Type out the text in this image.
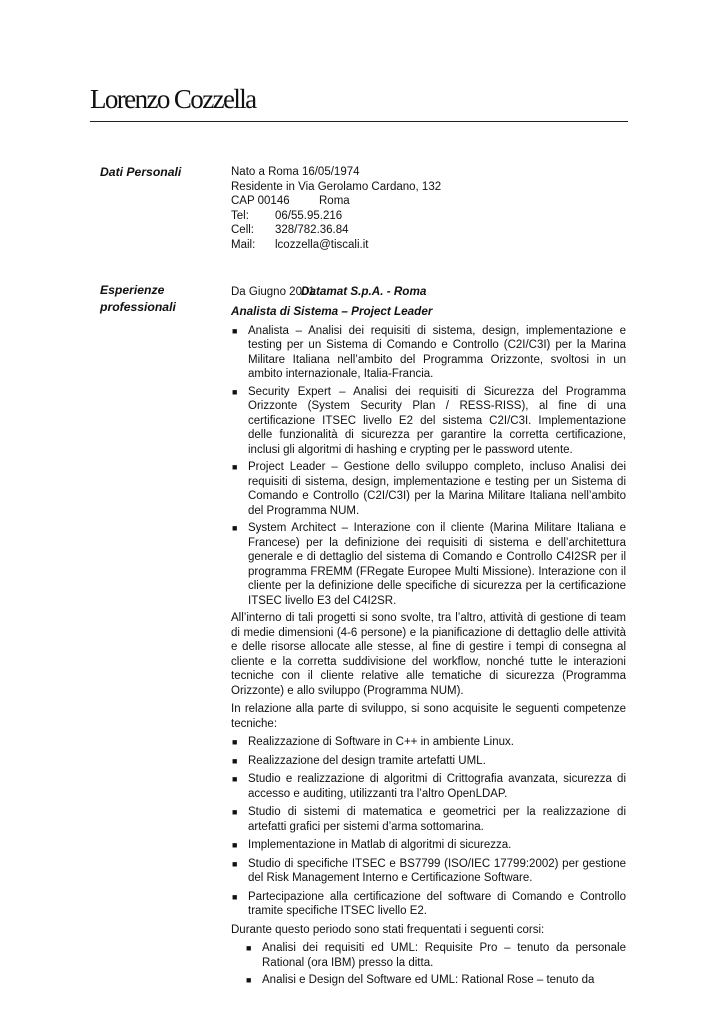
Lorenzo Cozzella
Dati Personali	Nato a Roma 16/05/1974
Residente in Via Gerolamo Cardano, 132
CAP 00146	Roma
Tel: 06/55.95.216
Cell: 328/782.36.84
Mail: lcozzella@tiscali.it
Esperienze
professionali
Da Giugno 2001Datamat S.p.A. - Roma
Analista di Sistema – Project Leader
■ Analista – Analisi dei requisiti di sistema, design, implementazione e testing per un Sistema di Comando e Controllo (C2I/C3I) per la Marina Militare Italiana nell’ambito del Programma Orizzonte, svoltosi in un ambito internazionale, Italia-Francia.
■ Security Expert – Analisi dei requisiti di Sicurezza del Programma Orizzonte (System Security Plan / RESS-RISS), al fine di una certificazione ITSEC livello E2 del sistema C2I/C3I. Implementazione delle funzionalità di sicurezza per garantire la corretta certificazione, inclusi gli algoritmi di hashing e crypting per le password utente.
■ Project Leader – Gestione dello sviluppo completo, incluso Analisi dei requisiti di sistema, design, implementazione e testing per un Sistema di Comando e Controllo (C2I/C3I) per la Marina Militare Italiana nell’ambito del Programma NUM.
■ System Architect – Interazione con il cliente (Marina Militare Italiana e Francese) per la definizione dei requisiti di sistema e dell’architettura generale e di dettaglio del sistema di Comando e Controllo C4I2SR per il programma FREMM (FRegate Europee Multi Missione). Interazione con il cliente per la definizione delle specifiche di sicurezza per la certificazione ITSEC livello E3 del C4I2SR.

All’interno di tali progetti si sono svolte, tra l’altro, attività di gestione di team di medie dimensioni (4-6 persone) e la pianificazione di dettaglio delle attività e delle risorse allocate alle stesse, al fine di gestire i tempi di consegna al cliente e la corretta suddivisione del workflow, nonché tutte le interazioni tecniche con il cliente relative alle tematiche di sicurezza (Programma Orizzonte) e allo sviluppo (Programma NUM).

In relazione alla parte di sviluppo, si sono acquisite le seguenti competenze tecniche:

■ Realizzazione di Software in C++ in ambiente Linux.
■ Realizzazione del design tramite artefatti UML.
■ Studio e realizzazione di algoritmi di Crittografia avanzata, sicurezza di accesso e auditing, utilizzanti tra l’altro OpenLDAP.
■ Studio di sistemi di matematica e geometrici per la realizzazione di artefatti grafici per sistemi d’arma sottomarina.
■ Implementazione in Matlab di algoritmi di sicurezza.
■ Studio di specifiche ITSEC e BS7799 (ISO/IEC 17799:2002) per gestione del Risk Management Interno e Certificazione Software.
■ Partecipazione alla certificazione del software di Comando e Controllo tramite specifiche ITSEC livello E2.

Durante questo periodo sono stati frequentati i seguenti corsi:

■ Analisi dei requisiti ed UML: Requisite Pro – tenuto da personale Rational (ora IBM) presso la ditta.
■ Analisi e Design del Software ed UML: Rational Rose – tenuto da
